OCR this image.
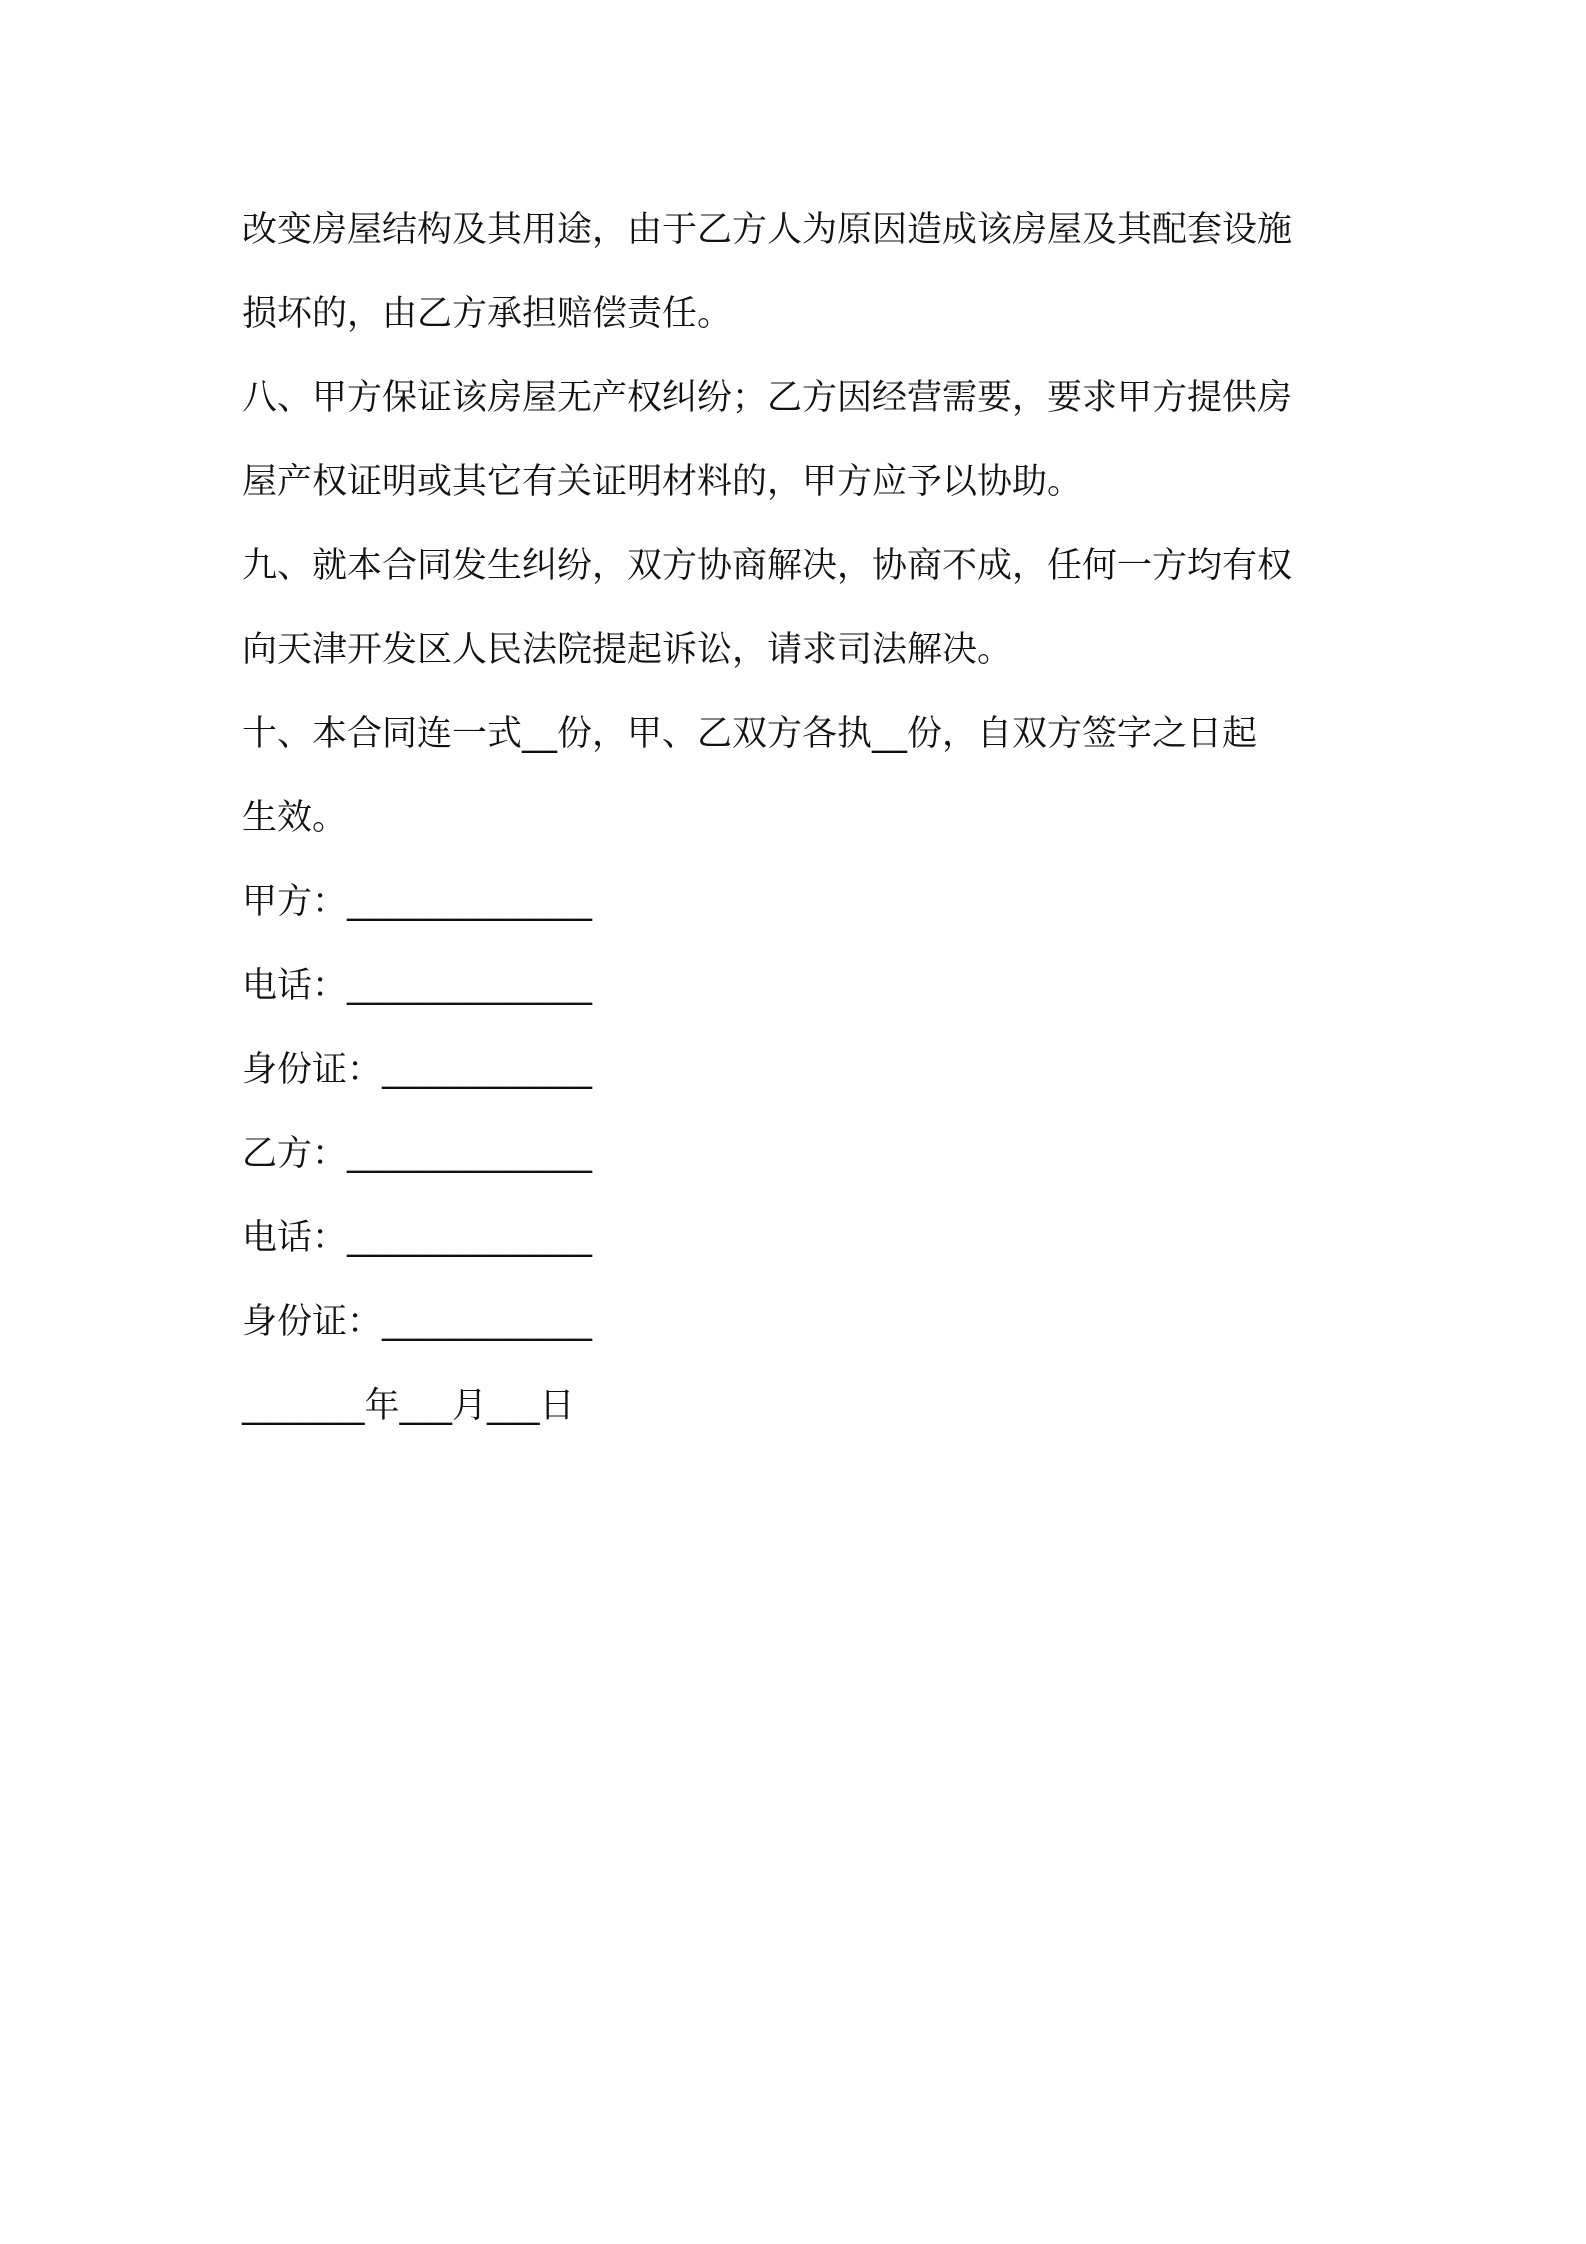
改变房屋结构及其用途，由于乙方人为原因造成该房屋及其配套设施
损坏的，由乙方承担赔偿责任。
八、甲方保证该房屋无产权纠纷；乙方因经营需要，要求甲方提供房
屋产权证明或其它有关证明材料的，甲方应予以协助。
九、就本合同发生纠纷，双方协商解决，协商不成，任何一方均有权
向天津开发区人民法院提起诉讼，请求司法解决。
十、本合同连一式__份，甲、乙双方各执__份，自双方签字之日起
生效。
甲方：______________
电话：______________
身份证：____________
乙方：______________
电话：______________
身份证：____________
_______年___月___日
